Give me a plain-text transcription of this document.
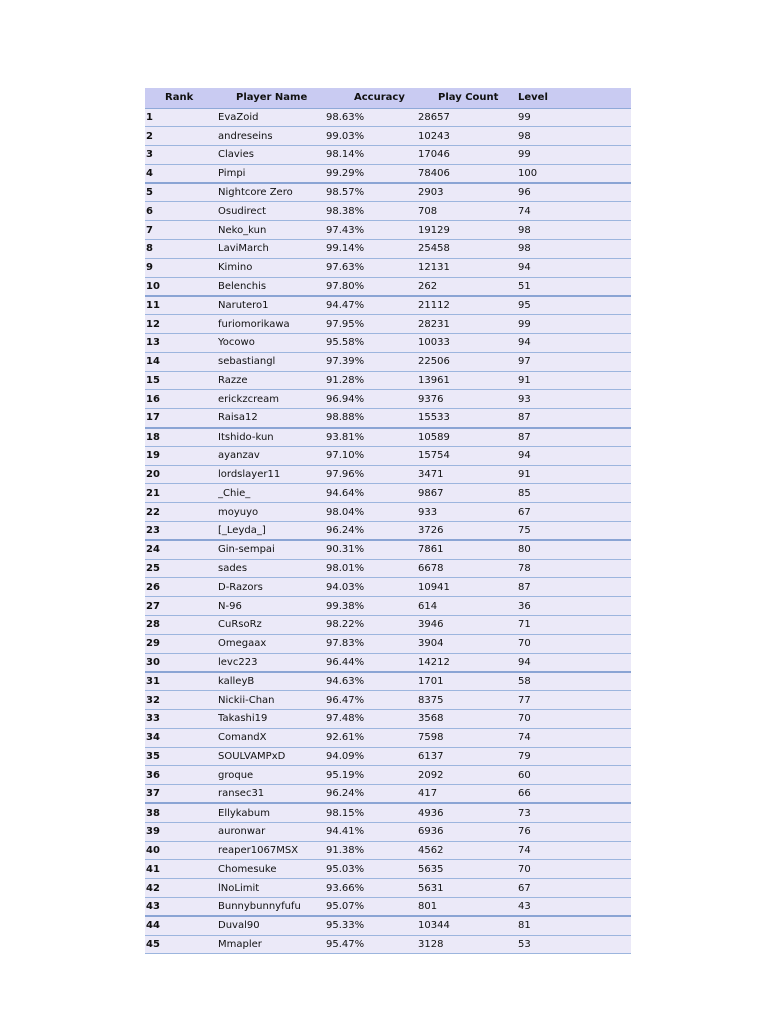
Rank	Player Name	Accuracy	Play Count	Level
1	EvaZoid	98.63%	28657	99
2	andreseins	99.03%	10243	98
3	Clavies	98.14%	17046	99
4	Pimpi	99.29%	78406	100
5	Nightcore Zero	98.57%	2903	96
6	Osudirect	98.38%	708	74
7	Neko_kun	97.43%	19129	98
8	LaviMarch	99.14%	25458	98
9	Kimino	97.63%	12131	94
10	Belenchis	97.80%	262	51
11	Narutero1	94.47%	21112	95
12	furiomorikawa	97.95%	28231	99
13	Yocowo	95.58%	10033	94
14	sebastiangl	97.39%	22506	97
15	Razze	91.28%	13961	91
16	erickzcream	96.94%	9376	93
17	Raisa12	98.88%	15533	87
18	Itshido-kun	93.81%	10589	87
19	ayanzav	97.10%	15754	94
20	lordslayer11	97.96%	3471	91
21	_Chie_	94.64%	9867	85
22	moyuyo	98.04%	933	67
23	[_Leyda_]	96.24%	3726	75
24	Gin-sempai	90.31%	7861	80
25	sades	98.01%	6678	78
26	D-Razors	94.03%	10941	87
27	N-96	99.38%	614	36
28	CuRsoRz	98.22%	3946	71
29	Omegaax	97.83%	3904	70
30	levc223	96.44%	14212	94
31	kalleyB	94.63%	1701	58
32	Nickii-Chan	96.47%	8375	77
33	Takashi19	97.48%	3568	70
34	ComandX	92.61%	7598	74
35	SOULVAMPxD	94.09%	6137	79
36	groque	95.19%	2092	60
37	ransec31	96.24%	417	66
38	Ellykabum	98.15%	4936	73
39	auronwar	94.41%	6936	76
40	reaper1067MSX	91.38%	4562	74
41	Chomesuke	95.03%	5635	70
42	lNoLimit	93.66%	5631	67
43	Bunnybunnyfufu	95.07%	801	43
44	Duval90	95.33%	10344	81
45	Mmapler	95.47%	3128	53
